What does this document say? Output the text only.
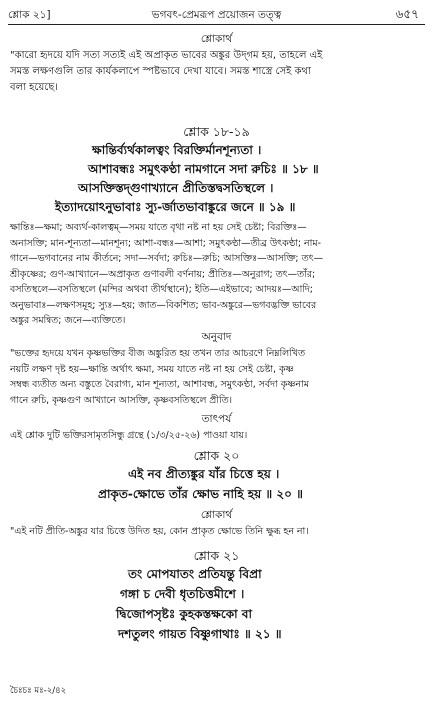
শ্লোক ২১]	ভগবৎ-প্রেমরূপ প্রয়োজন তত্ত্ব	৬৫৭
শ্লোকার্থ

"কারো হৃদয়ে যদি সত্য সত্যই এই অপ্রাকৃত ভাবের অঙ্কুর উদ্‌গম হয়, তাহলে এই

সমস্ত লক্ষণগুলি তার কার্যকলাপে স্পষ্টভাবে দেখা যাবে। সমস্ত শাস্ত্রে সেই কথা

বলা হয়েছে।

শ্লোক ১৮-১৯
ক্ষান্তির্ব্যর্থকালত্বং বিরক্তির্মানশূন্যতা ।
আশাবন্ধঃ সমুৎকণ্ঠা নামগানে সদা রুচিঃ ॥ ১৮ ॥
আসক্তিস্তদ্‌গুণাখ্যানে প্রীতিস্তদ্বসতিস্থলে ।
ইত্যাদয়োঽনুভাবাঃ স্যু-র্জাতভাবাঙ্কুরে জনে ॥ ১৯ ॥

ক্ষান্তিঃ—ক্ষমা; অব্যর্থ-কালত্বম্—সময় যাতে বৃথা নষ্ট না হয় সেই চেষ্টা; বিরক্তিঃ—

অনাসক্তি; মান-শূন্যতা—মানশূন্য; আশা-বন্ধঃ—আশা; সমুৎকণ্ঠা—তীব্র উৎকণ্ঠা; নাম-

গানে—ভগবানের নাম কীর্তনে; সদা—সর্বদা; রুচিঃ—রুচি; আসক্তিঃ—আসক্তি; তৎ—

শ্রীকৃষ্ণের; গুণ-আখ্যানে—অপ্রাকৃত গুণাবলী বর্ণনায়; প্রীতিঃ—অনুরাগ; তৎ—তাঁর;

বসতিস্থলে—বসতিস্থলে (মন্দির অথবা তীর্থস্থানে); ইতি—এইভাবে; আদয়ঃ—আদি;

অনুভাবাঃ—লক্ষণসমূহ; স্যুঃ—হয়; জাত—বিকশিত; ভাব-অঙ্কুরে—ভগবদ্ভক্তি ভাবের

অঙ্কুর সমন্বিত; জনে—ব্যক্তিতে।

অনুবাদ

"ভক্তের হৃদয়ে যখন কৃষ্ণভক্তির বীজ অঙ্কুরিত হয় তখন তার আচরণে নিম্নলিখিত

নয়টি লক্ষণ দৃষ্ট হয়—ক্ষান্তি অর্থাৎ ক্ষমা, সময় যাতে নষ্ট না হয় সেই চেষ্টা, কৃষ্ণ

সম্বন্ধ ব্যতীত অন্য বস্তুতে বৈরাগ্য, মান শূন্যতা, আশাবন্ধ, সমুৎকণ্ঠা, সর্বদা কৃষ্ণনাম

গানে রুচি, কৃষ্ণগুণ আখ্যানে আসক্তি, কৃষ্ণবসতিস্থলে প্রীতি।

তাৎপর্য

এই শ্লোক দুটি ভক্তিরসামৃতসিন্ধু গ্রন্থে (১/৩/২৫-২৬) পাওয়া যায়।

শ্লোক ২০
এই নব প্রীত্যঙ্কুর যাঁর চিত্তে হয় ।
প্রাকৃত-ক্ষোভে তাঁর ক্ষোভ নাহি হয় ॥ ২০ ॥
শ্লোকার্থ

"এই নটি প্রীতি-অঙ্কুর যার চিত্তে উদিত হয়, কোন প্রাকৃত ক্ষোভে তিনি ক্ষুব্ধ হন না।

শ্লোক ২১
তং মোপযাতং প্রতিযন্তু বিপ্রা
গঙ্গা চ দেবী ধৃতচিত্তমীশে ।
দ্বিজোপসৃষ্টঃ কুহকস্তক্ষকো বা
দশতুলং গায়ত বিষ্ণুগাথাঃ ॥ ২১ ॥
চৈঃচঃ মঃ-২/৪২
